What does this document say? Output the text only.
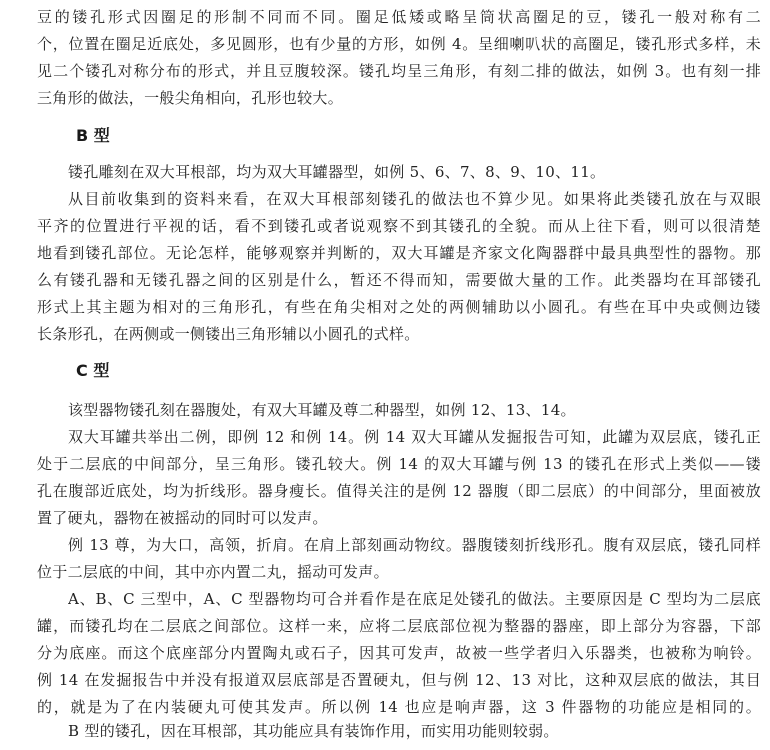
豆的镂孔形式因圈足的形制不同而不同。圈足低矮或略呈筒状高圈足的豆，镂孔一般对称有二
个，位置在圈足近底处，多见圆形，也有少量的方形，如例 4。呈细喇叭状的高圈足，镂孔形式多样，未
见二个镂孔对称分布的形式，并且豆腹较深。镂孔均呈三角形，有刻二排的做法，如例 3。也有刻一排
三角形的做法，一般尖角相向，孔形也较大。
B 型
镂孔雕刻在双大耳根部，均为双大耳罐器型，如例 5、6、7、8、9、10、11。
从目前收集到的资料来看，在双大耳根部刻镂孔的做法也不算少见。如果将此类镂孔放在与双眼
平齐的位置进行平视的话，看不到镂孔或者说观察不到其镂孔的全貌。而从上往下看，则可以很清楚
地看到镂孔部位。无论怎样，能够观察并判断的，双大耳罐是齐家文化陶器群中最具典型性的器物。那
么有镂孔器和无镂孔器之间的区别是什么，暂还不得而知，需要做大量的工作。此类器均在耳部镂孔
形式上其主题为相对的三角形孔，有些在角尖相对之处的两侧辅助以小圆孔。有些在耳中央或侧边镂
长条形孔，在两侧或一侧镂出三角形辅以小圆孔的式样。
C 型
该型器物镂孔刻在器腹处，有双大耳罐及尊二种器型，如例 12、13、14。
双大耳罐共举出二例，即例 12 和例 14。例 14 双大耳罐从发掘报告可知，此罐为双层底，镂孔正
处于二层底的中间部分，呈三角形。镂孔较大。例 14 的双大耳罐与例 13 的镂孔在形式上类似——镂
孔在腹部近底处，均为折线形。器身瘦长。值得关注的是例 12 器腹（即二层底）的中间部分，里面被放
置了硬丸，器物在被摇动的同时可以发声。
例 13 尊，为大口，高领，折肩。在肩上部刻画动物纹。器腹镂刻折线形孔。腹有双层底，镂孔同样
位于二层底的中间，其中亦内置二丸，摇动可发声。
A、B、C 三型中，A、C 型器物均可合并看作是在底足处镂孔的做法。主要原因是 C 型均为二层底
罐，而镂孔均在二层底之间部位。这样一来，应将二层底部位视为整器的器座，即上部分为容器，下部
分为底座。而这个底座部分内置陶丸或石子，因其可发声，故被一些学者归入乐器类，也被称为响铃。
例 14 在发掘报告中并没有报道双层底部是否置硬丸，但与例 12、13 对比，这种双层底的做法，其目
的，就是为了在内装硬丸可使其发声。所以例 14 也应是响声器，这 3 件器物的功能应是相同的。
B 型的镂孔，因在耳根部，其功能应具有装饰作用，而实用功能则较弱。
